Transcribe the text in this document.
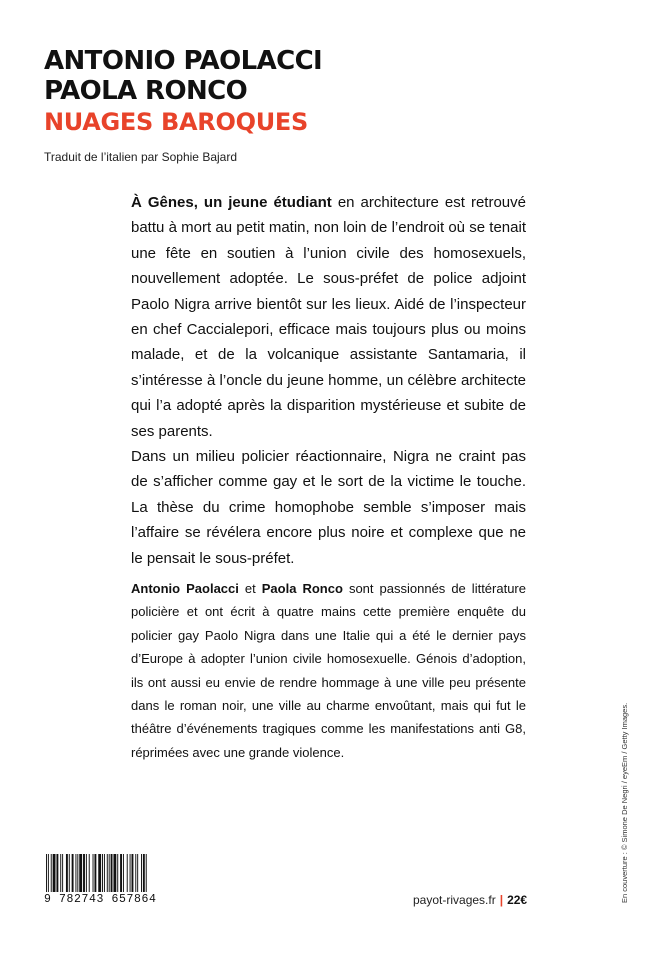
ANTONIO PAOLACCI
PAOLA RONCO
NUAGES BAROQUES
Traduit de l’italien par Sophie Bajard

À Gênes, un jeune étudiant en architecture est retrouvé battu à mort au petit matin, non loin de l’endroit où se tenait une fête en soutien à l’union civile des homosexuels, nouvellement adoptée. Le sous-préfet de police adjoint Paolo Nigra arrive bientôt sur les lieux. Aidé de l’inspecteur en chef Caccialepori, efficace mais toujours plus ou moins malade, et de la volcanique assistante Santamaria, il s’intéresse à l’oncle du jeune homme, un célèbre architecte qui l’a adopté après la disparition mystérieuse et subite de ses parents.

Dans un milieu policier réactionnaire, Nigra ne craint pas de s’afficher comme gay et le sort de la victime le touche. La thèse du crime homophobe semble s’imposer mais l’affaire se révélera encore plus noire et complexe que ne le pensait le sous-préfet.

Antonio Paolacci et Paola Ronco sont passionnés de littérature policière et ont écrit à quatre mains cette première enquête du policier gay Paolo Nigra dans une Italie qui a été le dernier pays d’Europe à adopter l’union civile homosexuelle. Génois d’adoption, ils ont aussi eu envie de rendre hommage à une ville peu présente dans le roman noir, une ville au charme envoûtant, mais qui fut le théâtre d’événements tragiques comme les manifestations anti G8, réprimées avec une grande violence.

9 782743 657864	payot-rivages.fr | 22€	En couverture : © Simone De Negri / eyeEm / Getty Images.
